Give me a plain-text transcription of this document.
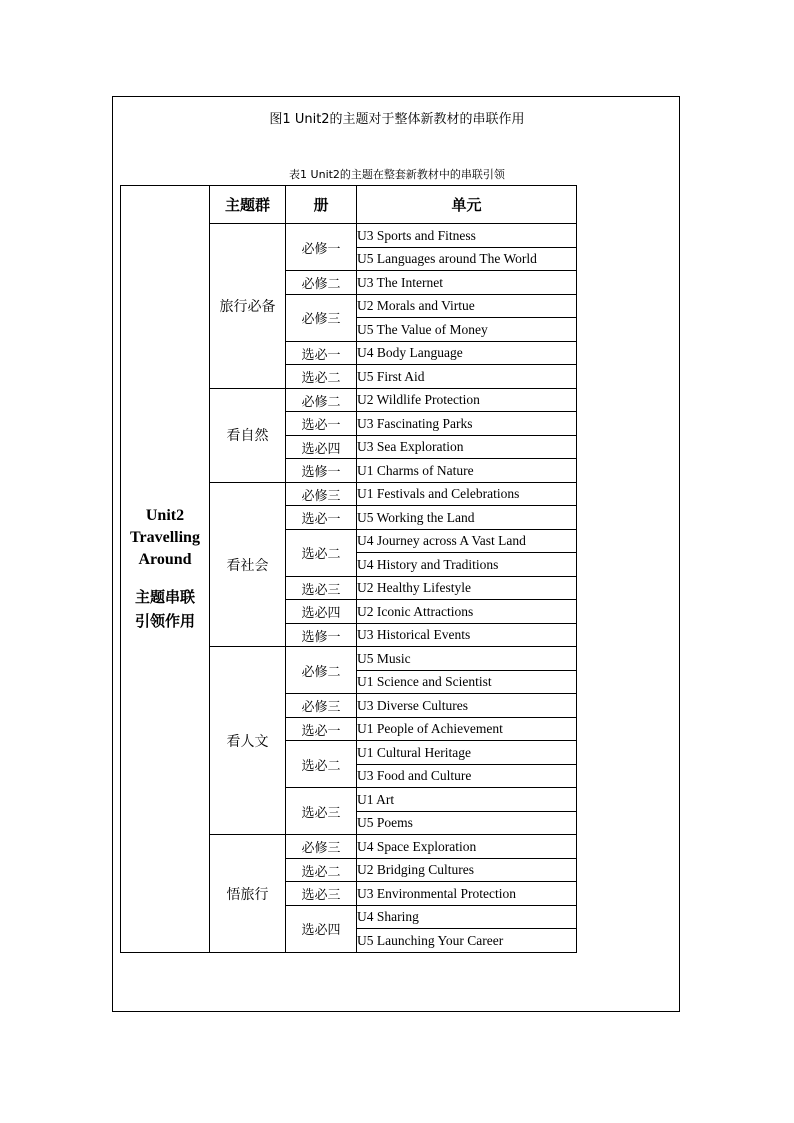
图1 Unit2的主题对于整体新教材的串联作用
表1 Unit2的主题在整套新教材中的串联引领
Unit2
Travelling
Around
主题串联
引领作用	主题群	册	单元
	旅行必备	必修一	U3 Sports and Fitness
			U5 Languages around The World
		必修二	U3 The Internet
		必修三	U2 Morals and Virtue
			U5 The Value of Money
		选必一	U4 Body Language
		选必二	U5 First Aid
	看自然	必修二	U2 Wildlife Protection
		选必一	U3 Fascinating Parks
		选必四	U3 Sea Exploration
		选修一	U1 Charms of Nature
	看社会	必修三	U1 Festivals and Celebrations
		选必一	U5 Working the Land
		选必二	U4 Journey across A Vast Land
			U4 History and Traditions
		选必三	U2 Healthy Lifestyle
		选必四	U2 Iconic Attractions
		选修一	U3 Historical Events
	看人文	必修二	U5 Music
			U1 Science and Scientist
		必修三	U3 Diverse Cultures
		选必一	U1 People of Achievement
		选必二	U1 Cultural Heritage
			U3 Food and Culture
		选必三	U1 Art
			U5 Poems
	悟旅行	必修三	U4 Space Exploration
		选必二	U2 Bridging Cultures
		选必三	U3 Environmental Protection
		选必四	U4 Sharing
			U5 Launching Your Career
